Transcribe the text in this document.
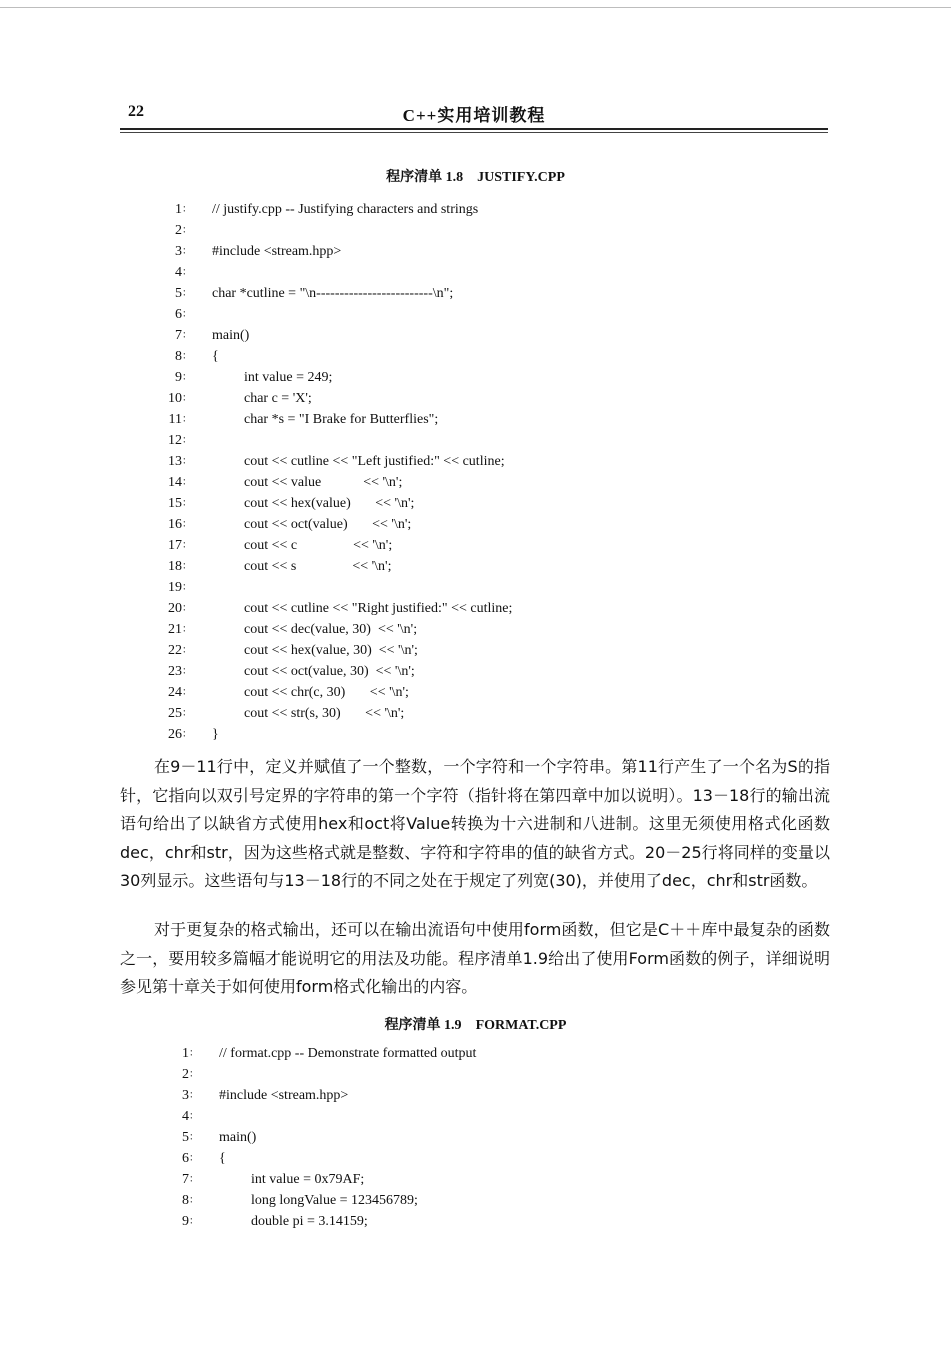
22	C++实用培训教程
程序清单 1.8 JUSTIFY.CPP
1 ： // justify.cpp -- Justifying characters and strings
2 ：
3 ： #include <stream.hpp>
4 ：
5 ： char *cutline = "\n-------------------------\n";
6 ：
7 ： main()
8 ： {
9 ：	int value = 249;
10 ：	char c = 'X';
11 ：	char *s = "I Brake for Butterflies";
12 ：
13 ：	cout << cutline << "Left justified:" << cutline;
14 ：	cout << value            << '\n';
15 ：	cout << hex(value)       << '\n';
16 ：	cout << oct(value)       << '\n';
17 ：	cout << c                << '\n';
18 ：	cout << s                << '\n';
19 ：
20 ：	cout << cutline << "Right justified:" << cutline;
21 ：	cout << dec(value, 30)  << '\n';
22 ：	cout << hex(value, 30)  << '\n';
23 ：	cout << oct(value, 30)  << '\n';
24 ：	cout << chr(c, 30)       << '\n';
25 ：	cout << str(s, 30)       << '\n';
26 ： }
在9－11行中，定义并赋值了一个整数，一个字符和一个字符串。第11行产生了一个名为S的指针，它指向以双引号定界的字符串的第一个字符（指针将在第四章中加以说明）。13－18行的输出流语句给出了以缺省方式使用hex和oct将Value转换为十六进制和八进制。这里无须使用格式化函数dec，chr和str，因为这些格式就是整数、字符和字符串的值的缺省方式。20－25行将同样的变量以30列显示。这些语句与13－18行的不同之处在于规定了列宽(30)，并使用了dec，chr和str函数。
对于更复杂的格式输出，还可以在输出流语句中使用form函数，但它是C＋＋库中最复杂的函数之一，要用较多篇幅才能说明它的用法及功能。程序清单1.9给出了使用Form函数的例子，详细说明参见第十章关于如何使用form格式化输出的内容。
程序清单 1.9 FORMAT.CPP
1 ： // format.cpp -- Demonstrate formatted output
2 ：
3 ： #include <stream.hpp>
4 ：
5 ： main()
6 ： {
7 ：	int value = 0x79AF;
8 ：	long longValue = 123456789;
9 ：	double pi = 3.14159;
